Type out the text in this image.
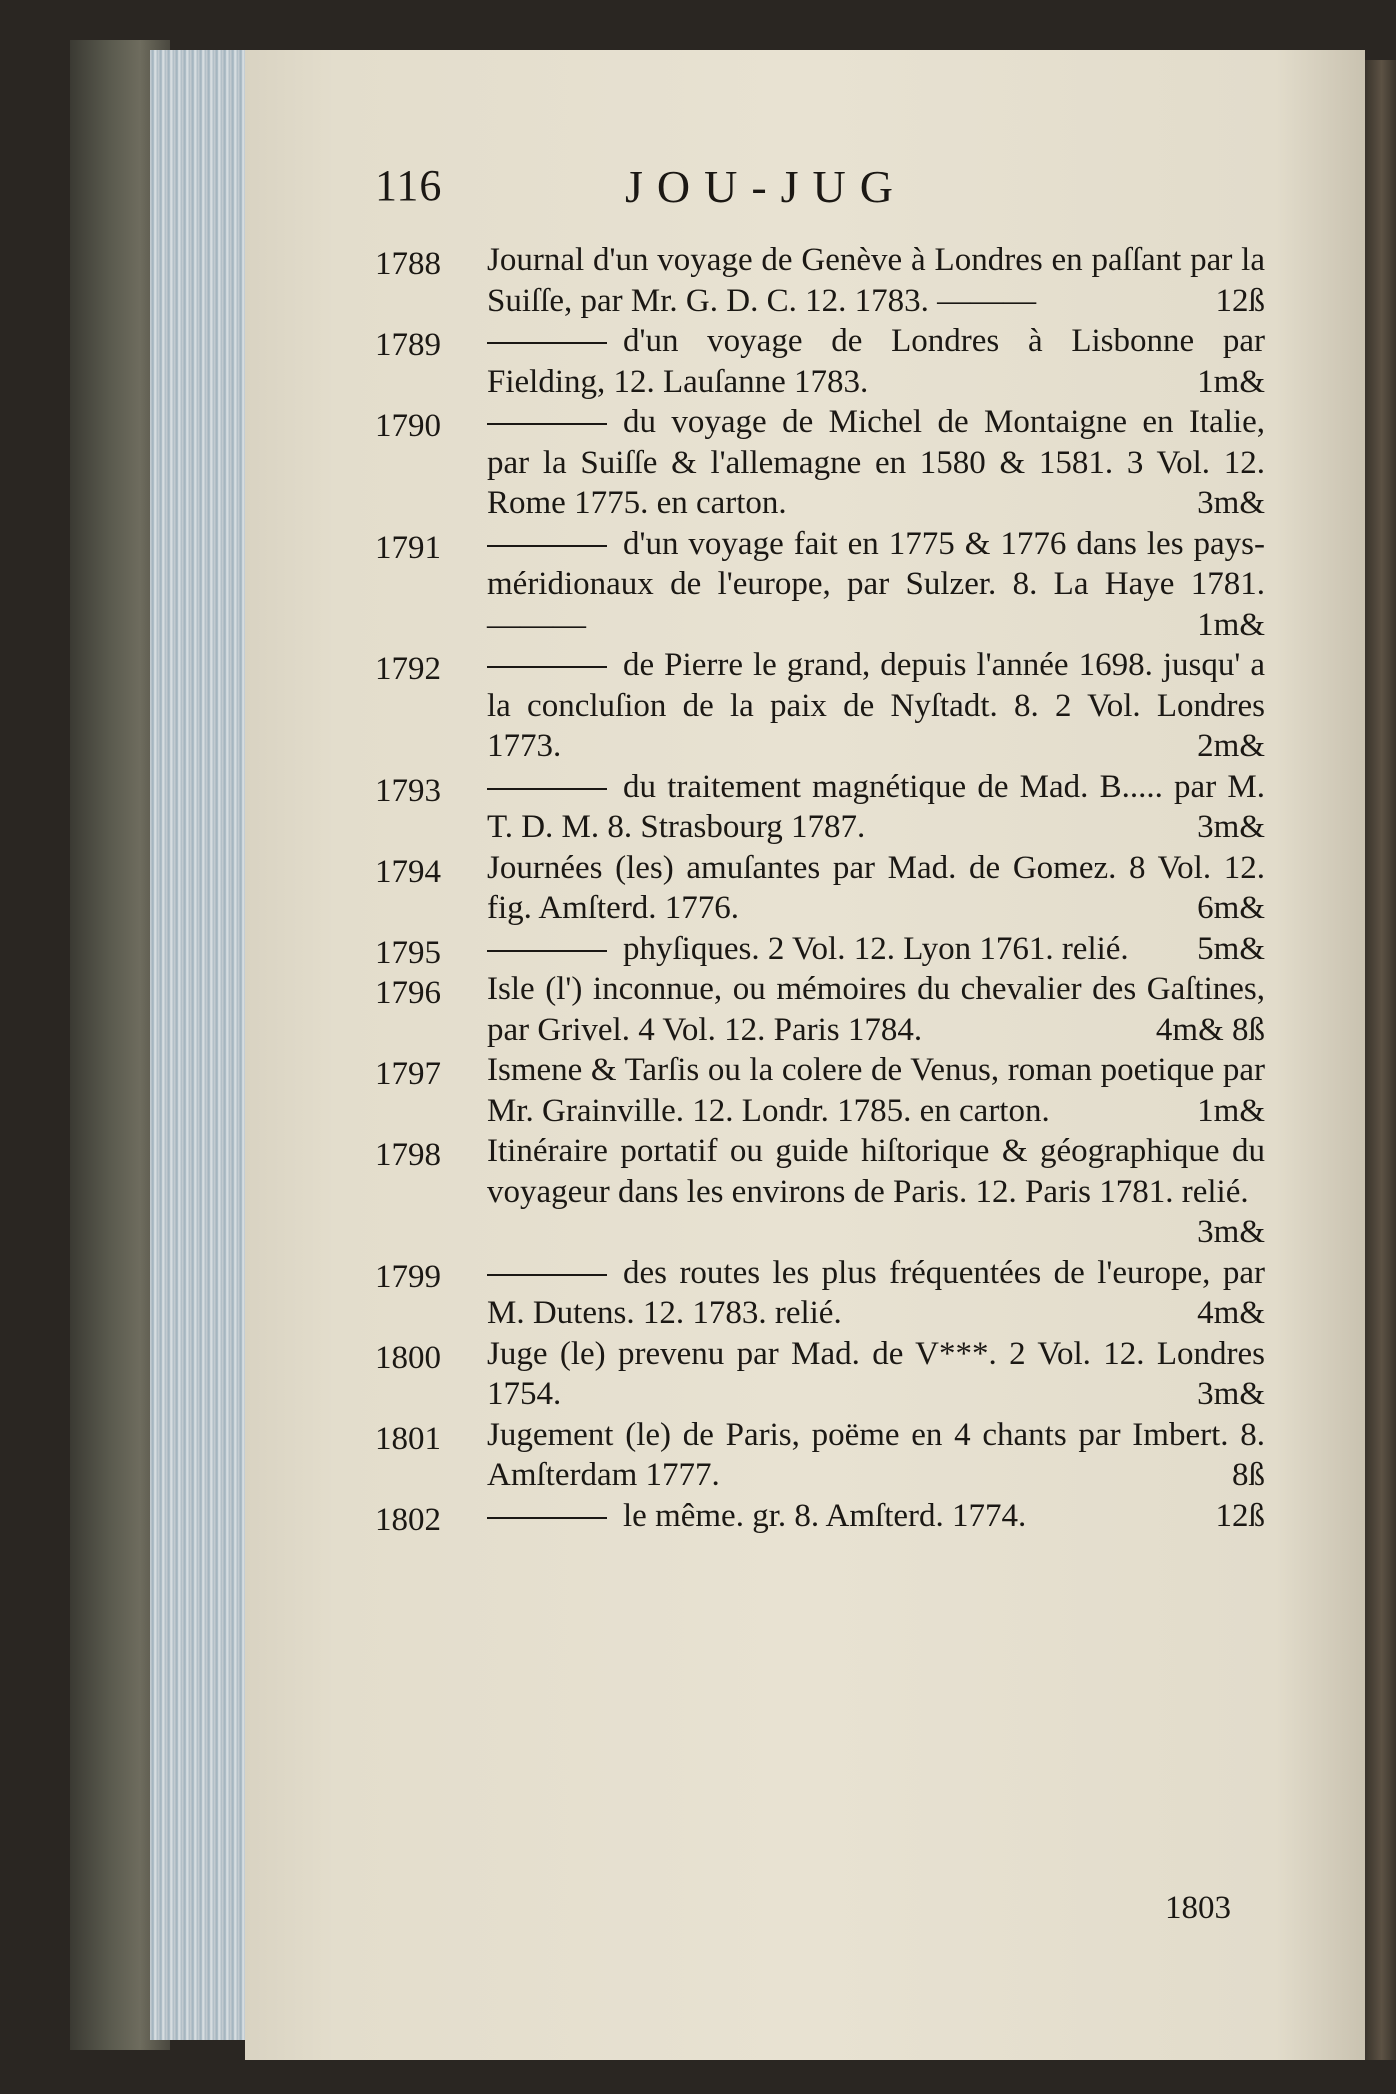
116	JOU-JUG
1788 Journal d'un voyage de Genève à Londres en paſſant par la Suiſſe, par Mr. G. D. C. 12. 1783. ———	12ß
1789	d'un voyage de Londres à Lisbonne par Fielding, 12. Lauſanne 1783.	1m&
1790	du voyage de Michel de Montaigne en Italie, par la Suiſſe & l'allemagne en 1580 & 1581. 3 Vol. 12. Rome 1775. en carton.	3m&
1791	d'un voyage fait en 1775 & 1776 dans les pays-méridionaux de l'europe, par Sulzer. 8. La Haye 1781. ———	1m&
1792	de Pierre le grand, depuis l'année 1698. jusqu' a la concluſion de la paix de Nyſtadt. 8. 2 Vol. Londres 1773.	2m&
1793	du traitement magnétique de Mad. B..... par M. T. D. M. 8. Strasbourg 1787.	3m&
1794 Journées (les) amuſantes par Mad. de Gomez. 8 Vol. 12. fig. Amſterd. 1776.	6m&
1795	phyſiques. 2 Vol. 12. Lyon 1761. relié.	5m&
1796 Isle (l') inconnue, ou mémoires du chevalier des Gaſtines, par Grivel. 4 Vol. 12. Paris 1784.	4m& 8ß
1797 Ismene & Tarſis ou la colere de Venus, roman poetique par Mr. Grainville. 12. Londr. 1785. en carton.	1m&
1798 Itinéraire portatif ou guide hiſtorique & géographique du voyageur dans les environs de Paris. 12. Paris 1781. relié.
3m&
1799	des routes les plus fréquentées de l'europe, par M. Dutens. 12. 1783. relié.	4m&
1800 Juge (le) prevenu par Mad. de V***. 2 Vol. 12. Londres 1754.	3m&
1801 Jugement (le) de Paris, poëme en 4 chants par Imbert. 8. Amſterdam 1777.	8ß
1802	le même. gr. 8. Amſterd. 1774.	12ß
1803
